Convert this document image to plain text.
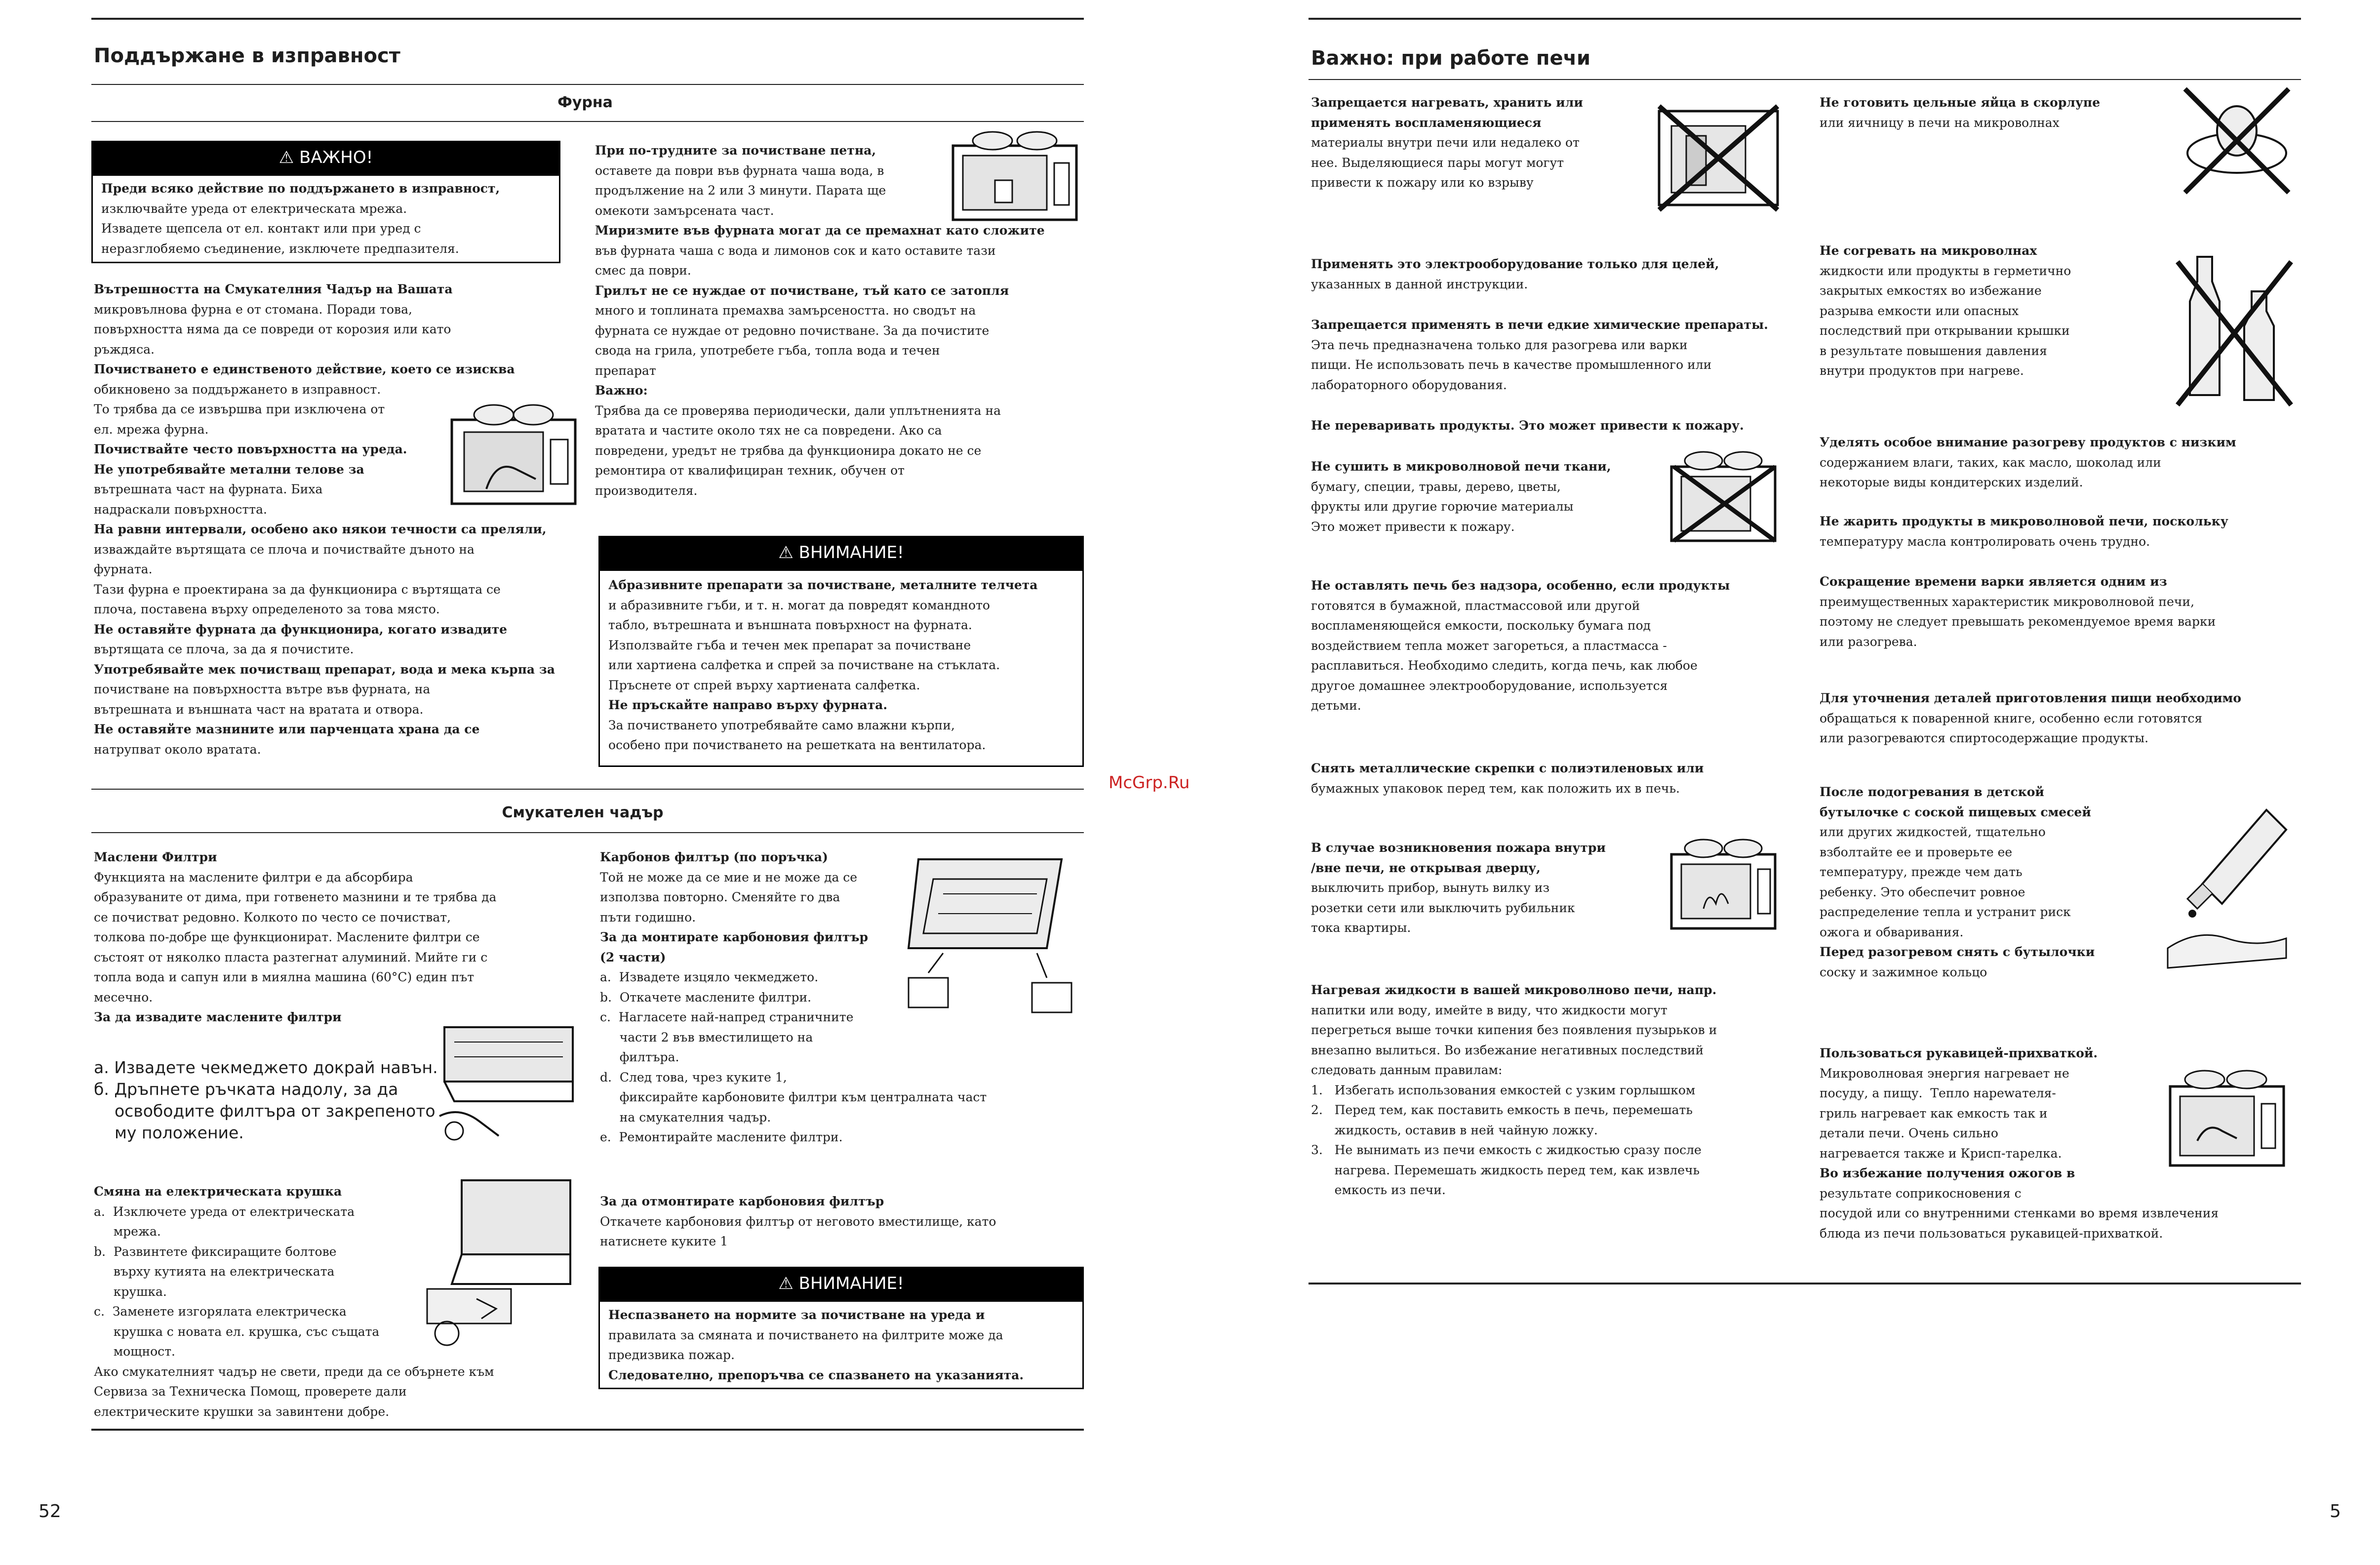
Поддържане в изправност
Фурна
⚠ ВАЖНО!
Преди всяко действие по поддържането в изправност,
изключвайте уреда от електрическата мрежа.
Извадете щепсела от ел. контакт или при уред с
неразглобяемо съединение, изключете предпазителя.
Вътрешността на Смукателния Чадър на Вашата
микровълнова фурна е от стомана. Поради това,
повърхността няма да се повреди от корозия или като
ръждяса.
Почистването е единственото действие, което се изисква
обикновено за поддържането в изправност.
То трябва да се извършва при изключена от
ел. мрежа фурна.
Почиствайте често повърхността на уреда.
Не употребявайте метални телове за
вътрешната част на фурната. Биха
надраскали повърхността.
На равни интервали, особено ако някои течности са преляли,
изваждайте въртящата се плоча и почиствайте дъното на
фурната.
Тази фурна е проектирана за да функционира с въртящата се
плоча, поставена върху определеното за това място.
Не оставяйте фурната да функционира, когато извадите
въртящата се плоча, за да я почистите.
Употребявайте мек почистващ препарат, вода и мека кърпа за
почистване на повърхността вътре във фурната, на
вътрешната и външната част на вратата и отвора.
Не оставяйте мазнините или парченцата храна да се
натрупват около вратата.
При по-трудните за почистване петна,
оставете да поври във фурната чаша вода, в
продължение на 2 или 3 минути. Парата ще
омекоти замърсената част.
Миризмите във фурната могат да се премахнат като сложите
във фурната чаша с вода и лимонов сок и като оставите тази
смес да поври.
Грилът не се нуждае от почистване, тъй като се затопля
много и топлината премахва замърсеността. но сводът на
фурната се нуждае от редовно почистване. За да почистите
свода на грила, употребете гъба, топла вода и течен
препарат
Важно:
Трябва да се проверява периодически, дали уплътненията на
вратата и частите около тях не са повредени. Ако са
повредени, уредът не трябва да функционира докато не се
ремонтира от квалифициран техник, обучен от
производителя.
⚠ ВНИМАНИЕ!
Абразивните препарати за почистване, металните телчета
и абразивните гъби, и т. н. могат да повредят командното
табло, вътрешната и външната повърхност на фурната.
Използвайте гъба и течен мек препарат за почистване
или хартиена салфетка и спрей за почистване на стъклата.
Пръснете от спрей върху хартиената салфетка.
Не пръскайте направо върху фурната.
За почистването употребявайте само влажни кърпи,
особено при почистването на решетката на вентилатора.
Смукателен чадър
Маслени Филтри
Функцията на маслените филтри е да абсорбира
образуваните от дима, при готвенето мазнини и те трябва да
се почистват редовно. Колкото по често се почистват,
толкова по-добре ще функционират. Маслените филтри се
състоят от няколко пласта разтегнат алуминий. Мийте ги с
топла вода и сапун или в миялна машина (60°C) един път
месечно.
За да извадите маслените филтри
а. Извадете чекмеджето докрай навън.
б. Дръпнете ръчката надолу, за да
освободите филтъра от закрепеното
му положение.
Смяна на електрическата крушка
a.  Изключете уреда от електрическата
мрежа.
b.  Развинтете фиксиращите болтове
върху кутията на електрическата
крушка.
c.  Заменете изгорялата електрическа
крушка с новата ел. крушка, със същата
мощност.
Ако смукателният чадър не свети, преди да се обърнете към
Сервиза за Техническа Помощ, проверете дали
електрическите крушки за завинтени добре.
Карбонов филтър (по поръчка)
Той не може да се мие и не може да се
използва повторно. Сменяйте го два
пъти годишно.
За да монтирате карбоновия филтър
(2 части)
a.  Извадете изцяло чекмеджето.
b.  Откачете маслените филтри.
c.  Нагласете най-напред страничните
части 2 във вместилището на
филтъра.
d.  След това, чрез куките 1,
фиксирайте карбоновите филтри към централната част
на смукателния чадър.
e.  Ремонтирайте маслените филтри.
За да отмонтирате карбоновия филтър
Откачете карбоновия филтър от неговото вместилище, като
натиснете куките 1
⚠ ВНИМАНИЕ!
Неспазването на нормите за почистване на уреда и
правилата за смяната и почистването на филтрите може да
предизвика пожар.
Следователно, препоръчва се спазването на указанията.
52
McGrp.Ru
Важно: при работе печи
Запрещается нагревать, хранить или
применять воспламеняющиеся
материалы внутри печи или недалеко от
нее. Выделяющиеся пары могут могут
привести к пожару или ко взрыву
Применять это электрооборудование только для целей,
указанных в данной инструкции.
Запрещается применять в печи едкие химические препараты.
Эта печь предназначена только для разогрева или варки
пищи. Не использовать печь в качестве промышленного или
лабораторного оборудования.
Не переваривать продукты. Это может привести к пожару.
Не сушить в микроволновой печи ткани,
бумагу, специи, травы, дерево, цветы,
фрукты или другие горючие материалы
Это может привести к пожару.
Не оставлять печь без надзора, особенно, если продукты
готовятся в бумажной, пластмассовой или другой
воспламеняющейся емкости, поскольку бумага под
воздействием тепла может загореться, а пластмасса -
расплавиться. Необходимо следить, когда печь, как любое
другое домашнее электрооборудование, используется
детьми.
Снять металлические скрепки с полиэтиленовых или
бумажных упаковок перед тем, как положить их в печь.
В случае возникновения пожара внутри
/вне печи, не открывая дверцу,
выключить прибор, вынуть вилку из
розетки сети или выключить рубильник
тока квартиры.
Нагревая жидкости в вашей микроволново печи, напр.
напитки или воду, имейте в виду, что жидкости могут
перегреться выше точки кипения без появления пузырьков и
внезапно вылиться. Во избежание негативных последствий
следовать данным правилам:
1.   Избегать использования емкостей с узким горлышком
2.   Перед тем, как поставить емкость в печь, перемешать
жидкость, оставив в ней чайную ложку.
3.   Не вынимать из печи емкость с жидкостью сразу после
нагрева. Перемешать жидкость перед тем, как извлечь
емкость из печи.
Не готовить цельные яйца в скорлупе
или яичницу в печи на микроволнах
Не согревать на микроволнах
жидкости или продукты в герметично
закрытых емкостях во избежание
разрыва емкости или опасных
последствий при открывании крышки
в результате повышения давления
внутри продуктов при нагреве.
Уделять особое внимание разогреву продуктов с низким
содержанием влаги, таких, как масло, шоколад или
некоторые виды кондитерских изделий.
Не жарить продукты в микроволновой печи, поскольку
температуру масла контролировать очень трудно.
Сокращение времени варки является одним из
преимущественных характеристик микроволновой печи,
поэтому не следует превышать рекомендуемое время варки
или разогрева.
Для уточнения деталей приготовления пищи необходимо
обращаться к поваренной книге, особенно если готовятся
или разогреваются спиртосодержащие продукты.
После подогревания в детской
бутылочке с соской пищевых смесей
или других жидкостей, тщательно
взболтайте ее и проверьте ее
температуру, прежде чем дать
ребенку. Это обеспечит ровное
распределение тепла и устранит риск
ожога и обваривания.
Перед разогревом снять с бутылочки
соску и зажимное кольцо
Пользоваться рукавицей-прихваткой.
Микроволновая энергия нагревает не
посуду, а пищу.  Тепло нарewателя-
гриль нагревает как емкость так и
детали печи. Очень сильно
нагревается также и Крисп-тарелка.
Во избежание получения ожогов в
результате соприкосновения с
посудой или со внутренними стенками во время извлечения
блюда из печи пользоваться рукавицей-прихваткой.
5
